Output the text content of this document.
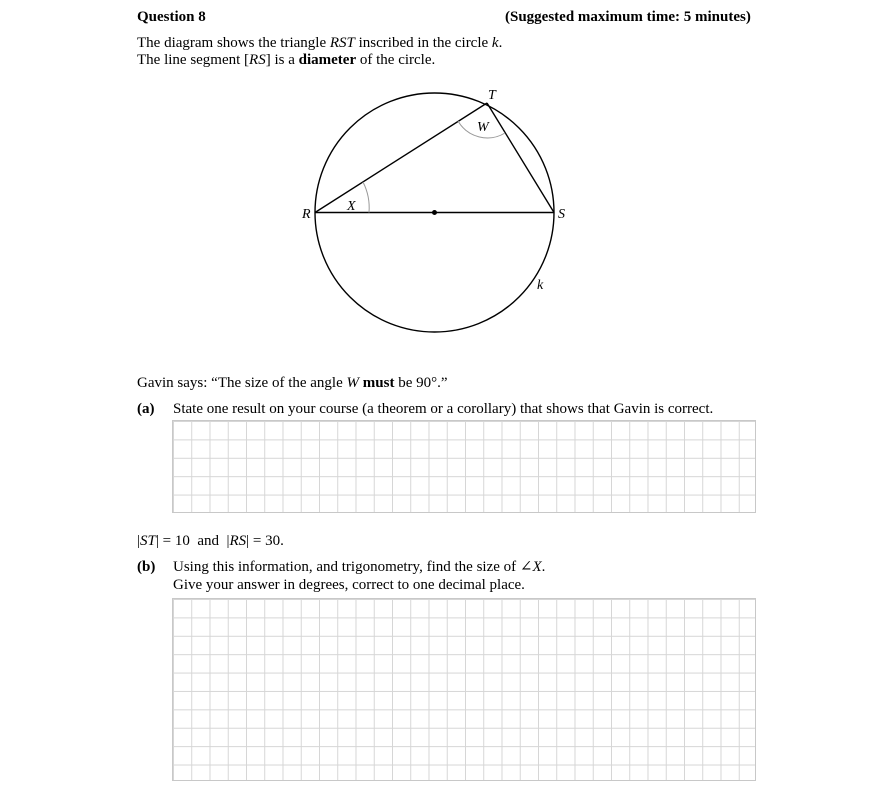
Question 8	(Suggested maximum time: 5 minutes)
The diagram shows the triangle RST inscribed in the circle k.
The line segment [RS] is a diameter of the circle.
T
W
R
X
S
k
Gavin says: “The size of the angle W must be 90°.”
(a) State one result on your course (a theorem or a corollary) that shows that Gavin is correct.
|ST| = 10  and  |RS| = 30.
(b) Using this information, and trigonometry, find the size of ∠X.
Give your answer in degrees, correct to one decimal place.
